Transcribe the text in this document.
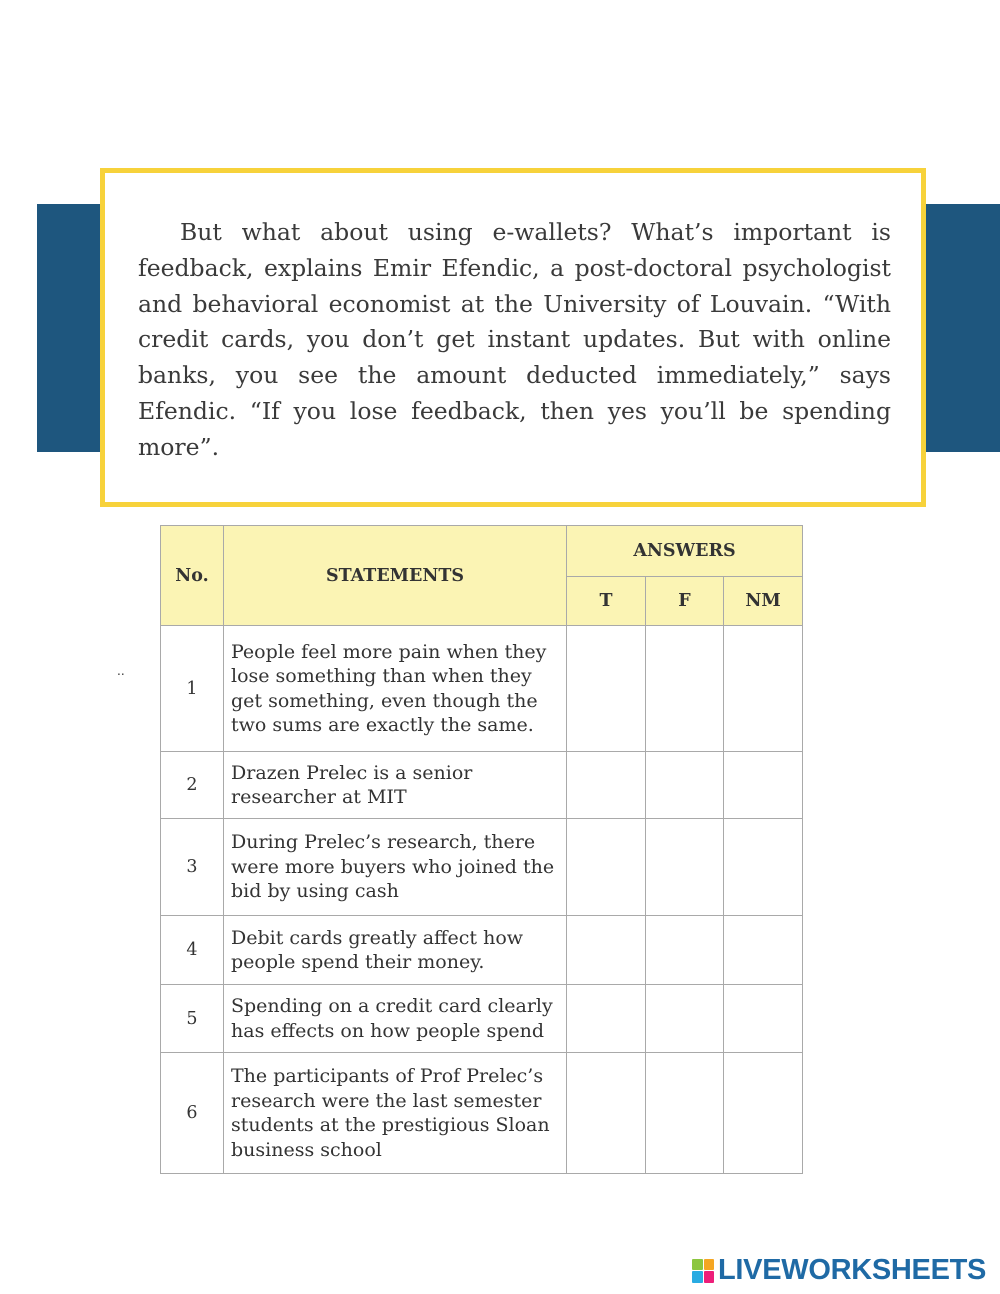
But what about using e-wallets? What’s important is feedback, explains Emir Efendic, a post-doctoral psychologist and behavioral economist at the University of Louvain. “With credit cards, you don’t get instant updates. But with online banks, you see the amount deducted immediately,” says Efendic. “If you lose feedback, then yes you’ll be spending more”.

..
No.	STATEMENTS	ANSWERS		
		T	F	NM
1	People feel more pain when they lose something than when they get something, even though the two sums are exactly the same.			
2	Drazen Prelec is a senior researcher at MIT			
3	During Prelec’s research, there were more buyers who joined the bid by using cash			
4	Debit cards greatly affect how people spend their money.			
5	Spending on a credit card clearly has effects on how people spend			
6	The participants of Prof Prelec’s research were the last semester students at the prestigious Sloan business school			
LIVEWORKSHEETS
